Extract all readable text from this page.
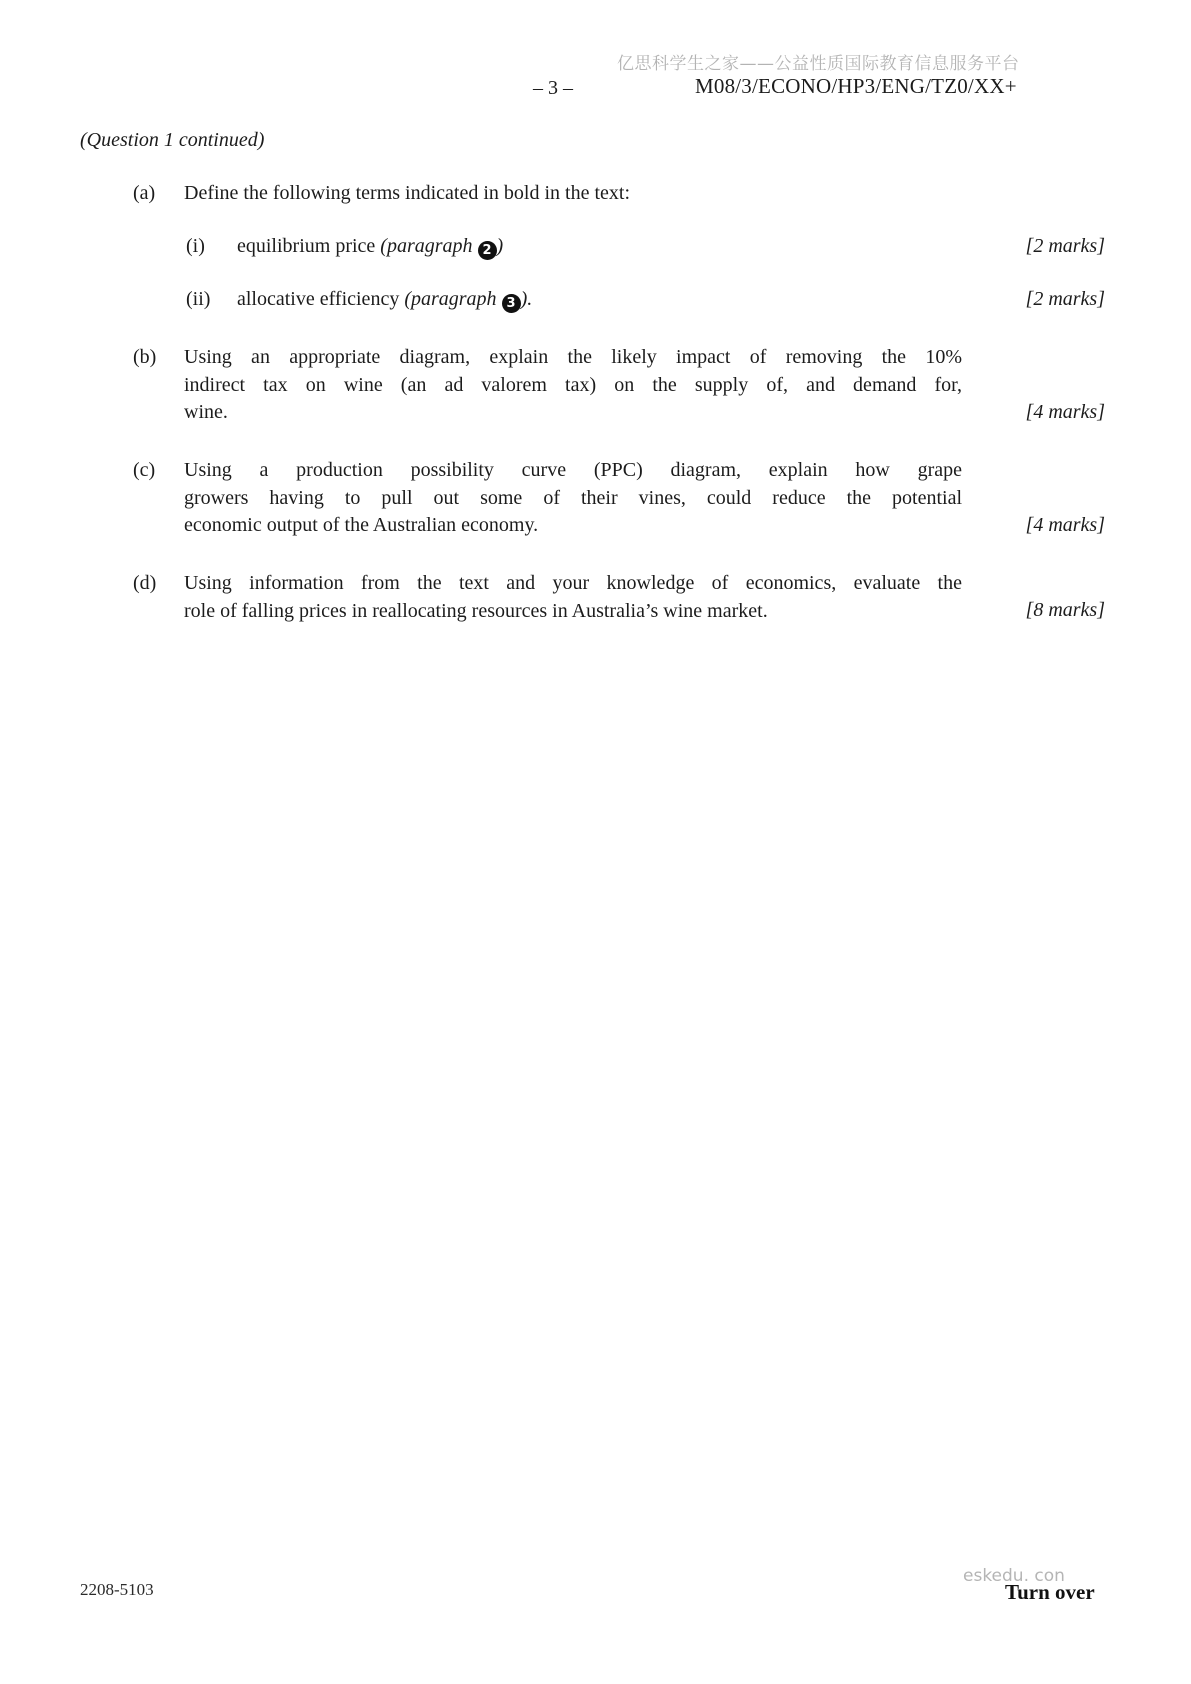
亿思科学生之家——公益性质国际教育信息服务平台
– 3 –	M08/3/ECONO/HP3/ENG/TZ0/XX+
(Question 1 continued)
(a) Define the following terms indicated in bold in the text:
(i) equilibrium price (paragraph 2 )	[2 marks]
(ii) allocative efficiency (paragraph 3 ).	[2 marks]
(b) Using an appropriate diagram, explain the likely impact of removing the 10%
indirect tax on wine (an ad valorem tax) on the supply of, and demand for,
wine.	[4 marks]
(c) Using a production possibility curve (PPC) diagram, explain how grape
growers having to pull out some of their vines, could reduce the potential
economic output of the Australian economy.	[4 marks]
(d) Using information from the text and your knowledge of economics, evaluate the
role of falling prices in reallocating resources in Australia’s wine market.	[8 marks]
2208-5103
eskedu. con
Turn over
